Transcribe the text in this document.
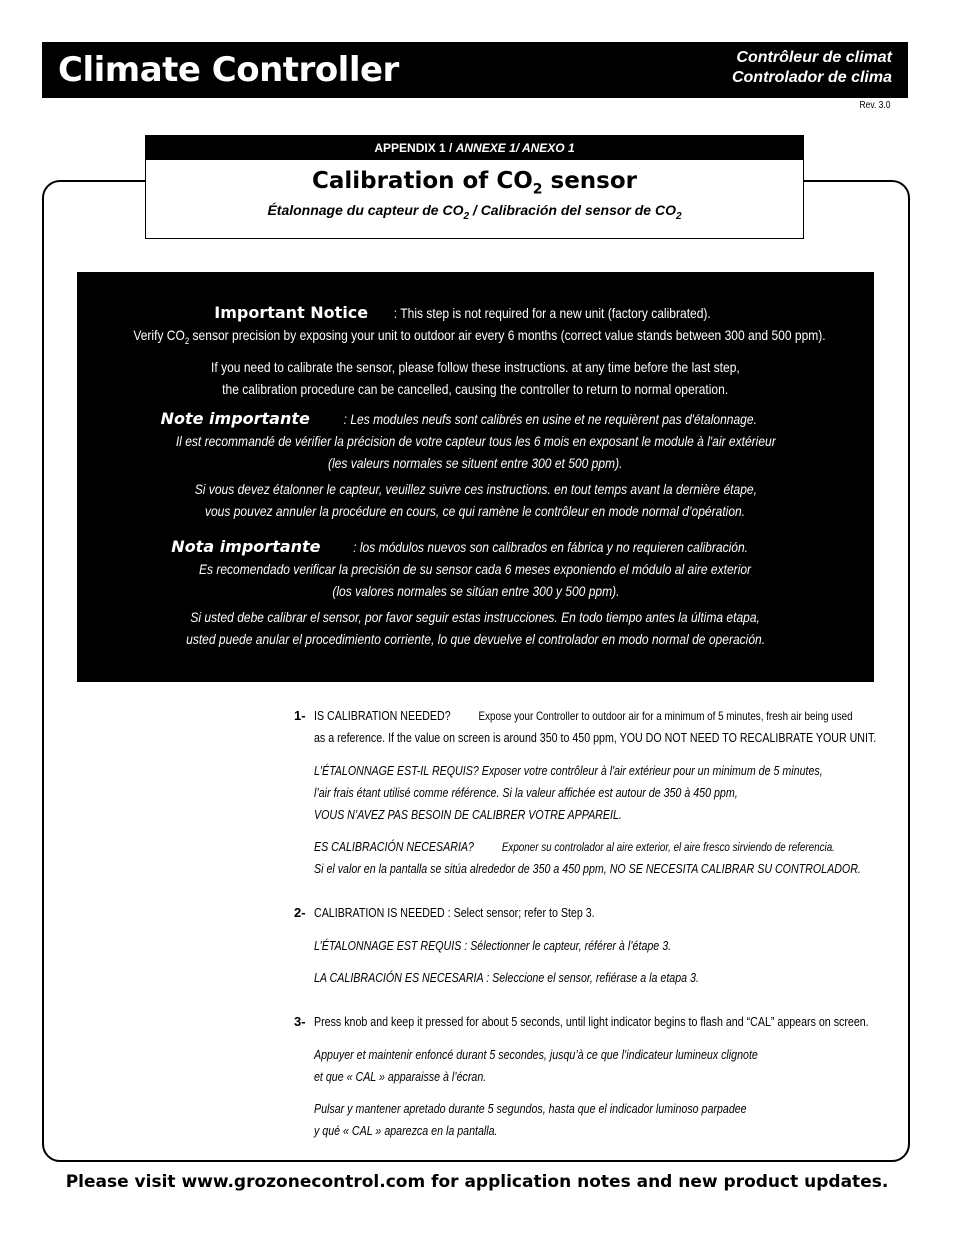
Climate Controller	Contrôleur de climat
Controlador de clima
Rev. 3.0
APPENDIX 1 / ANNEXE 1/ ANEXO 1
Calibration of $CO_2$ sensor
Étalonnage du capteur de $CO_2$ / Calibración del sensor de $CO_2$
Important Notice: This step is not required for a new unit (factory calibrated).
Verify $CO_2$ sensor precision by exposing your unit to outdoor air every 6 months (correct value stands between 300 and 500 ppm).
If you need to calibrate the sensor, please follow these instructions. at any time before the last step,
the calibration procedure can be cancelled, causing the controller to return to normal operation.
Note importante: Les modules neufs sont calibrés en usine et ne requièrent pas d'étalonnage.
Il est recommandé de vérifier la précision de votre capteur tous les 6 mois en exposant le module à l'air extérieur
(les valeurs normales se situent entre 300 et 500 ppm).
Si vous devez étalonner le capteur, veuillez suivre ces instructions. en tout temps avant la dernière étape,
vous pouvez annuler la procédure en cours, ce qui ramène le contrôleur en mode normal d’opération.
Nota importante: los módulos nuevos son calibrados en fábrica y no requieren calibración.
Es recomendado verificar la precisión de su sensor cada 6 meses exponiendo el módulo al aire exterior
(los valores normales se sitúan entre 300 y 500 ppm).
Si usted debe calibrar el sensor, por favor seguir estas instrucciones. En todo tiempo antes la última etapa,
usted puede anular el procedimiento corriente, lo que devuelve el controlador en modo normal de operación.
1- IS CALIBRATION NEEDED? Expose your Controller to outdoor air for a minimum of 5 minutes, fresh air being used
as a reference. If the value on screen is around 350 to 450 ppm, YOU DO NOT NEED TO RECALIBRATE YOUR UNIT.
L'ÉTALONNAGE EST-IL REQUIS? Exposer votre contrôleur à l'air extérieur pour un minimum de 5 minutes,
l’air frais étant utilisé comme référence. Si la valeur affichée est autour de 350 à 450 ppm,
VOUS N’AVEZ PAS BESOIN DE CALIBRER VOTRE APPAREIL.
ES CALIBRACIÓN NECESARIA? Exponer su controlador al aire exterior, el aire fresco sirviendo de referencia.
Si el valor en la pantalla se sitúa alrededor de 350 a 450 ppm, NO SE NECESITA CALIBRAR SU CONTROLADOR.
2- CALIBRATION IS NEEDED : Select sensor; refer to Step 3.
L’ÉTALONNAGE EST REQUIS : Sélectionner le capteur, référer à l’étape 3.
LA CALIBRACIÓN ES NECESARIA : Seleccione el sensor, refiérase a la etapa 3.
3- Press knob and keep it pressed for about 5 seconds, until light indicator begins to flash and “CAL” appears on screen.
Appuyer et maintenir enfoncé durant 5 secondes, jusqu’à ce que l’indicateur lumineux clignote
et que « CAL » apparaisse à l’écran.
Pulsar y mantener apretado durante 5 segundos, hasta que el indicador luminoso parpadee
y qué « CAL » aparezca en la pantalla.
Please visit www.grozonecontrol.com for application notes and new product updates.
